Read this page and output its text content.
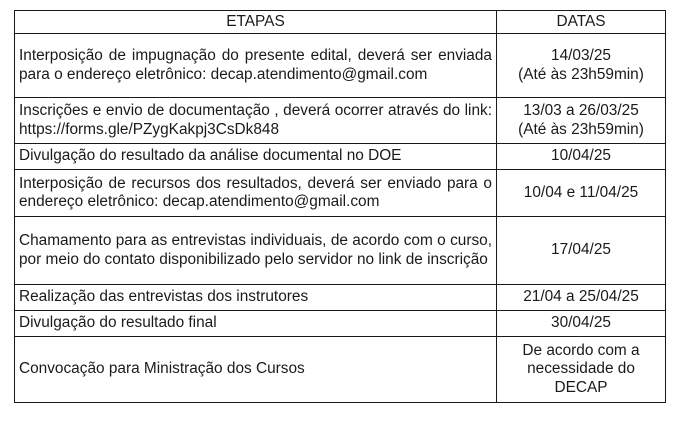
ETAPAS	DATAS
Interposição de impugnação do presente edital, deverá ser enviada para o endereço eletrônico: decap.atendimento@gmail.com	14/03/25
(Até às 23h59min)

Inscrições e envio de documentação , deverá ocorrer através do link: https://forms.gle/PZygKakpj3CsDk848	13/03 a 26/03/25
(Até às 23h59min)

Divulgação do resultado da análise documental no DOE	10/04/25
Interposição de recursos dos resultados, deverá ser enviado para o endereço eletrônico: decap.atendimento@gmail.com	10/04 e 11/04/25
Chamamento para as entrevistas individuais, de acordo com o curso, por meio do contato disponibilizado pelo servidor no link de inscrição	17/04/25
Realização das entrevistas dos instrutores	21/04 a 25/04/25
Divulgação do resultado final	30/04/25
Convocação para Ministração dos Cursos	De acordo com a necessidade do DECAP
